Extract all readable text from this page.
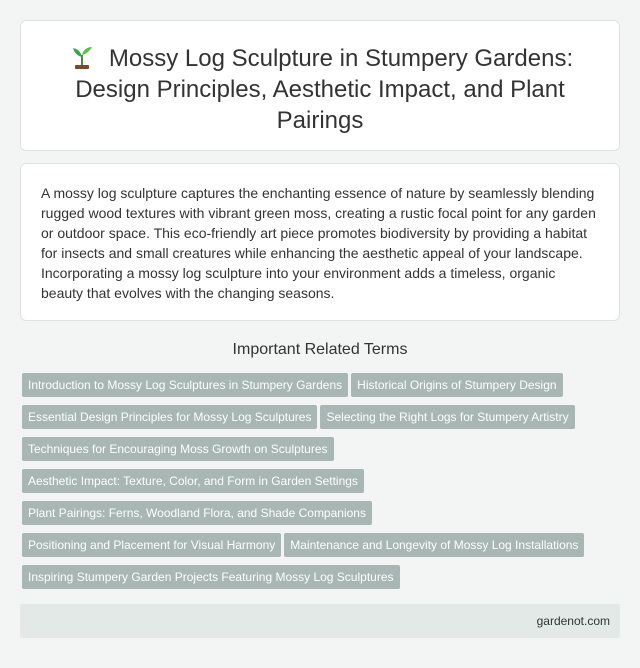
Mossy Log Sculpture in Stumpery Gardens: Design Principles, Aesthetic Impact, and Plant Pairings

A mossy log sculpture captures the enchanting essence of nature by seamlessly blending rugged wood textures with vibrant green moss, creating a rustic focal point for any garden or outdoor space. This eco-friendly art piece promotes biodiversity by providing a habitat for insects and small creatures while enhancing the aesthetic appeal of your landscape. Incorporating a mossy log sculpture into your environment adds a timeless, organic beauty that evolves with the changing seasons.

Important Related Terms
Introduction to Mossy Log Sculptures in Stumpery Gardens Historical Origins of Stumpery Design
Essential Design Principles for Mossy Log Sculptures Selecting the Right Logs for Stumpery Artistry
Techniques for Encouraging Moss Growth on Sculptures
Aesthetic Impact: Texture, Color, and Form in Garden Settings
Plant Pairings: Ferns, Woodland Flora, and Shade Companions
Positioning and Placement for Visual Harmony Maintenance and Longevity of Mossy Log Installations
Inspiring Stumpery Garden Projects Featuring Mossy Log Sculptures
gardenot.com
